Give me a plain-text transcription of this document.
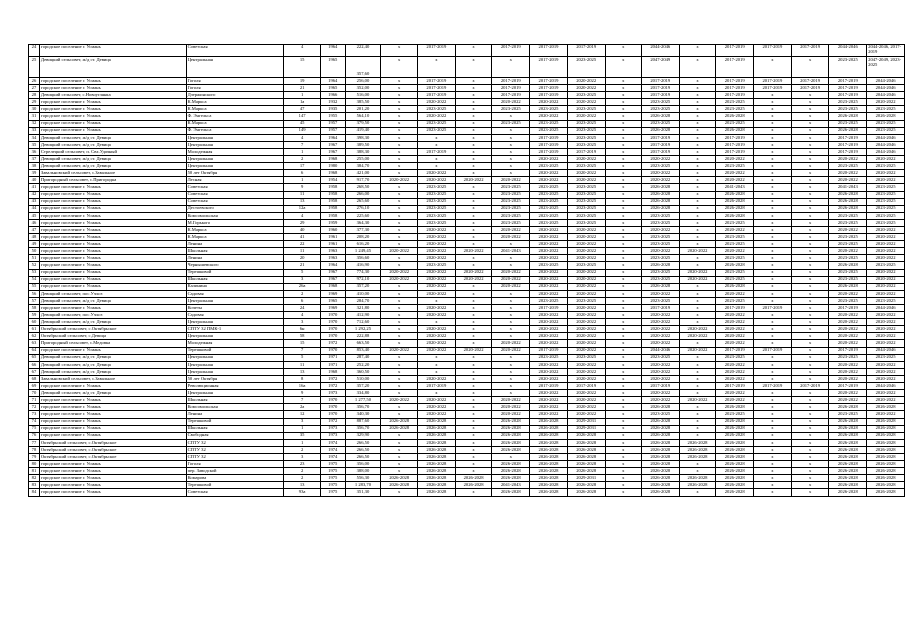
24	городское поселение г. Усмань	Советская	4	1964	222,40	х	2017-2019	х	2017-2019	2017-2019	2017-2019	х	2044-2046	х	2017-2019	2017-2019	2017-2019	2044-2046	2044-2046, 2017-2019
25	Девицкий сельсовет, ж/д ст. Девица	Центральная	15	1965	357,60	х	х	х	х	2017-2019	2023-2025	х	2047-2049	х	2017-2019	х	х	2023-2025	2047-2049, 2023-2025
26	городское поселение г. Усмань	Гоголя	19	1964	256,00	х	2017-2019	х	2017-2019	2017-2019	2020-2022	х	2017-2019	х	2017-2019	2017-2019	2017-2019	2017-2019	2044-2046
27	городское поселение г. Усмань	Гоголя	21	1965	352,00	х	2017-2019	х	2017-2019	2017-2019	2020-2022	х	2017-2019	х	2017-2019	2017-2019	2017-2019	2017-2019	2044-2046
28	Девицкий сельсовет, с.Новоуглянка	Дзержинского	1	1966	516,00	х	2017-2019	х	2017-2019	2017-2019	2023-2025	х	2017-2019	х	2017-2019	х	х	2017-2019	2044-2046
29	городское поселение г. Усмань	К.Маркса	1а	1932	385,50	х	2020-2022	х	2020-2022	2020-2022	2020-2022	х	2023-2025	х	2023-2025	х	х	2023-2025	2020-2022
30	городское поселение г. Усмань	К.Маркса	47	1935	201,20	х	2023-2025	х	2023-2025	2023-2025	2023-2025	х	2023-2025	х	2023-2025	х	х	2023-2025	2023-2025
31	городское поселение г. Усмань	Ф. Энгельса	147	1955	564,10	х	2020-2022	х	х	2020-2022	2020-2022	х	2026-2028	х	2026-2028	х	х	2026-2028	2026-2028
32	городское поселение г. Усмань	К.Маркса	45	1957	379,50	х	2023-2025	х	2023-2025	2023-2025	2023-2025	х	2023-2025	х	2023-2025	х	х	2023-2025	2023-2025
33	городское поселение г. Усмань	Ф. Энгельса	149	1957	419,40	х	2023-2025	х	х	2023-2025	2023-2025	х	2026-2028	х	2026-2028	х	х	2026-2028	2023-2025
34	Девицкий сельсовет, ж/д ст. Девица	Центральная	4	1964	398,30	х	х	х	х	2017-2019	2023-2025	х	2017-2019	х	2017-2019	х	х	2017-2019	2044-2046
35	Девицкий сельсовет, ж/д ст. Девица	Центральная	7	1967	389,50	х	х	х	х	2017-2019	2023-2025	х	2017-2019	х	2017-2019	х	х	2017-2019	2044-2046
36	Стрелецкий сельсовет, п. Свх.Удачный	Молодежная	1	1967	388,30	х	2017-2019	х	х	2017-2019	2017-2019	х	2017-2019	х	2017-2019	х	х	2017-2019	2044-2046
37	Девицкий сельсовет, ж/д ст. Девица	Центральная	2	1968	255,00	х	х	х	х	2020-2022	2020-2022	х	2020-2022	х	2020-2022	х	х	2020-2022	2020-2022
38	Девицкий сельсовет, ж/д ст. Девица	Центральная	17	1980	384,70	х	х	х	х	2023-2025	2023-2025	х	2023-2025	х	2023-2025	х	х	2023-2025	2023-2025
39	Завальновский сельсовет, с.Завальное	50 лет Октября	6	1968	421,00	х	2020-2022	х	х	2020-2022	2020-2022	х	2020-2022	х	2020-2022	х	х	2020-2022	2020-2022
40	Пригородный сельсовет, с.Пригородка	Лесная	1	1954	917,70	2020-2022	2020-2022	2020-2022	2020-2022	2020-2022	2020-2022	х	2020-2022	х	2020-2022	х	х	2020-2022	2020-2022
41	городское поселение г. Усмань	Советская	9	1958	268,50	х	2023-2025	х	2023-2025	2023-2025	2023-2025	х	2026-2028	х	2041-2043	х	х	2041-2043	2023-2025
42	городское поселение г. Усмань	Советская	11	1958	266,00	х	2023-2025	х	2023-2025	2023-2025	2023-2025	х	2026-2028	х	2026-2028	х	х	2026-2028	2023-2025
43	городское поселение г. Усмань	Советская	13	1958	265,60	х	2023-2025	х	2023-2025	2023-2025	2023-2025	х	2026-2028	х	2026-2028	х	х	2026-2028	2023-2025
44	городское поселение г. Усмань	Дестоевского	12а	1958	276,10	х	2023-2025	х	2023-2025	2023-2025	2023-2025	х	2026-2028	х	2026-2028	х	х	2026-2028	2023-2025
45	городское поселение г. Усмань	Комсомольская	4	1958	225,60	х	2023-2025	х	2023-2025	2023-2025	2023-2025	х	2023-2025	х	2026-2028	х	х	2023-2025	2023-2025
46	городское поселение г. Усмань	М.Горького	29	1959	364,30	х	2023-2025	х	2023-2025	2023-2025	2023-2025	х	2023-2025	х	2023-2025	х	х	2023-2025	2023-2025
47	городское поселение г. Усмань	К.Маркса	40	1960	377,30	х	2020-2022	х	2020-2022	2020-2022	2020-2022	х	2020-2022	х	2020-2022	х	х	2020-2022	2020-2022
48	городское поселение г. Усмань	К.Маркса	41	1961	208,20	х	2020-2022	х	2020-2022	2020-2022	2020-2022	х	2023-2025	х	2023-2025	х	х	2023-2025	2020-2022
49	городское поселение г. Усмань	Ленина	22	1961	616,20	х	2020-2022	х	х	2020-2022	2020-2022	х	2023-2025	х	2023-2025	х	х	2023-2025	2020-2022
50	городское поселение г. Усмань	Школьная	11	1963	1 249,45	2020-2022	2020-2022	2020-2022	2041-2043	2020-2022	2020-2022	х	2020-2022	2020-2022	2020-2022	х	х	2020-2022	2020-2022
51	городское поселение г. Усмань	Ленина	20	1963	356,60	х	2020-2022	х	х	2020-2022	2020-2022	х	2023-2025	х	2023-2025	х	х	2023-2025	2020-2022
52	городское поселение г. Усмань	Чернышевского	21	1964	416,90	х	2023-2025	х	х	2023-2025	2023-2025	х	2026-2028	х	2026-2028	х	х	2026-2028	2023-2025
53	городское поселение г. Усмань	Терешковой	5	1967	774,30	2020-2022	2020-2022	2020-2022	2020-2022	2020-2022	2020-2022	х	2023-2025	2020-2022	2023-2025	х	х	2023-2025	2020-2022
54	городское поселение г. Усмань	Школьная	3	1967	972,10	2020-2022	2020-2022	2020-2022	2020-2022	2020-2022	2020-2022	х	2023-2025	2020-2022	2023-2025	х	х	2023-2025	2020-2022
55	городское поселение г. Усмань	Калинина	26а	1968	357,20	х	2020-2022	х	2020-2022	2020-2022	2020-2022	х	2026-2028	х	2026-2028	х	х	2026-2028	2020-2022
56	Девицкий сельсовет, пос.Учхоз	Садовая	2	1969	410,00	х	2020-2022	х	х	2020-2022	2020-2022	х	2020-2022	х	2020-2022	х	х	2020-2022	2020-2022
57	Девицкий сельсовет, ж/д ст. Девица	Центральная	6	1965	284,70	х	х	х	х	2023-2025	2023-2025	х	2023-2025	х	2023-2025	х	х	2023-2025	2023-2025
58	городское поселение г. Усмань	Кочеты	24	1969	321,80	х	2020-2022	х	х	2017-2019	2020-2022	х	2017-2019	х	2017-2019	2017-2019	х	2017-2019	2044-2046
59	Девицкий сельсовет, пос.Учхоз	Садовая	4	1970	412,90	х	2020-2022	х	х	2020-2022	2020-2022	х	2020-2022	х	2020-2022	х	х	2020-2022	2020-2022
60	Девицкий сельсовет, ж/д ст. Девица	Центральная	3	1970	712,60	х	х	х	х	2020-2022	2020-2022	х	2020-2022	х	2020-2022	х	х	2020-2022	2020-2022
61	Октябрьский сельсовет, с.Октябрьское	СПТУ 32 ПМК-1	6н	1970	1 292,25	х	2020-2022	х	х	2020-2022	2020-2022	х	2020-2022	2020-2022	2020-2022	х	х	2020-2022	2020-2022
62	Октябрьский сельсовет, с.Девица	Центральная	58	1970	222,88	х	2020-2022	х	х	2020-2022	2020-2022	х	2020-2022	2020-2022	2020-2022	х	х	2020-2022	2020-2022
63	Пригородный сельсовет, с.Медовка	Молодежная	15	1972	663,50	х	2020-2022	х	2020-2022	2020-2022	2020-2022	х	2020-2022	х	2020-2022	х	х	2020-2022	2020-2022
64	городское поселение г. Усмань	Терешковой	7	1970	853,40	2020-2022	2020-2022	2020-2022	2020-2022	2017-2019	2020-2022	х	2044-2046	2020-2022	2017-2019	2017-2019	х	2017-2019	2044-2046
65	Девицкий сельсовет, ж/д ст. Девица	Центральная	5	1971	287,40	х	х	х	х	2023-2025	2023-2025	х	2023-2025	х	2023-2025	х	х	2023-2025	2023-2025
66	Девицкий сельсовет, ж/д ст. Девица	Центральная	11	1971	252,20	х	х	х	х	2020-2022	2020-2022	х	2020-2022	х	2020-2022	х	х	2020-2022	2020-2022
67	Девицкий сельсовет, ж/д ст. Девица	Центральная	13	1968	360,50	х	х	х	х	2020-2022	2020-2022	х	2020-2022	х	2020-2022	х	х	2020-2022	2020-2022
68	Завальновский сельсовет, с.Завальное	50 лет Октября	8	1972	510,00	х	2020-2022	х	х	2020-2022	2020-2022	х	2020-2022	х	2020-2022	х	х	2020-2022	2020-2022
69	городское поселение г. Усмань	Революционная	16а	1972	357,20	х	2017-2019	х	х	2017-2019	2017-2019	х	2017-2019	х	2017-2019	2017-2019	2017-2019	2017-2019	2044-2046
70	Девицкий сельсовет, ж/д ст. Девица	Центральная	9	1973	334,80	х	х	х	х	2020-2022	2020-2022	х	2020-2022	х	2020-2022	х	х	2020-2022	2020-2022
71	городское поселение г. Усмань	Школьная	7	1970	1 277,50	2020-2022	2020-2022	х	2020-2022	2020-2022	2020-2022	х	2020-2022	2020-2022	2020-2022	х	х	2020-2022	2020-2022
72	городское поселение г. Усмань	Комсомольская	2а	1970	356,70	х	2020-2022	х	2020-2022	2020-2022	2020-2022	х	2026-2028	х	2026-2028	х	х	2026-2028	2026-2028
73	городское поселение г. Усмань	Ленина	12	1970	340,30	х	2020-2022	х	2020-2022	2020-2022	2020-2022	х	2023-2025	х	2023-2025	х	х	2023-2025	2020-2022
74	городское поселение г. Усмань	Терешковой	3	1972	887,60	2026-2028	2026-2028	х	2026-2028	2026-2028	2029-2031	х	2026-2028	х	2026-2028	х	х	2026-2028	2026-2028
75	городское поселение г. Усмань	Школьная	1	1973	356,70	2026-2028	2026-2028	х	2026-2028	2026-2028	2029-2031	х	2026-2028	х	2026-2028	х	х	2026-2028	2026-2028
76	городское поселение г. Усмань	Свободная	35	1973	329,90	х	2026-2028	х	2026-2028	2026-2028	2026-2028	х	2026-2028	х	2026-2028	х	х	2026-2028	2026-2028
77	Октябрьский сельсовет, с.Октябрьское	СПТУ 32	1	1974	266,50	х	2026-2028	х	2026-2028	2026-2028	2026-2028	х	2026-2028	2026-2028	2026-2028	х	х	2026-2028	2026-2028
78	Октябрьский сельсовет, с.Октябрьское	СПТУ 32	2	1974	266,50	х	2026-2028	х	2026-2028	2026-2028	2026-2028	х	2026-2028	2026-2028	2026-2028	х	х	2026-2028	2026-2028
79	Октябрьский сельсовет, с.Октябрьское	СПТУ 32	3	1974	266,50	х	2026-2028	х	х	2026-2028	2026-2028	х	2026-2028	2026-2028	2026-2028	х	х	2026-2028	2026-2028
80	городское поселение г. Усмань	Гоголя	23	1975	356,00	х	2026-2028	х	2026-2028	2026-2028	2026-2028	х	2026-2028	х	2026-2028	х	х	2026-2028	2026-2028
81	городское поселение г. Усмань	пер. Заводской	2	1975	388,00	х	2026-2028	х	2026-2028	2026-2028	2026-2028	х	2026-2028	х	2026-2028	х	х	2026-2028	2026-2028
82	городское поселение г. Усмань	Комарова	2	1975	556,30	2026-2028	2026-2028	2026-2028	2026-2028	2026-2028	2029-2031	х	2026-2028	2026-2028	2026-2028	х	х	2026-2028	2026-2028
83	городское поселение г. Усмань	Терешковой	13	1975	1 283,70	2026-2028	2026-2028	2026-2028	2041-2043	2026-2028	2026-2028	х	2026-2028	2026-2028	2026-2028	х	х	2026-2028	2026-2028
84	городское поселение г. Усмань	Советская	93а	1975	351,30	х	2026-2028	х	2026-2028	2026-2028	2026-2028	х	2026-2028	х	2026-2028	х	х	2026-2028	2026-2028
